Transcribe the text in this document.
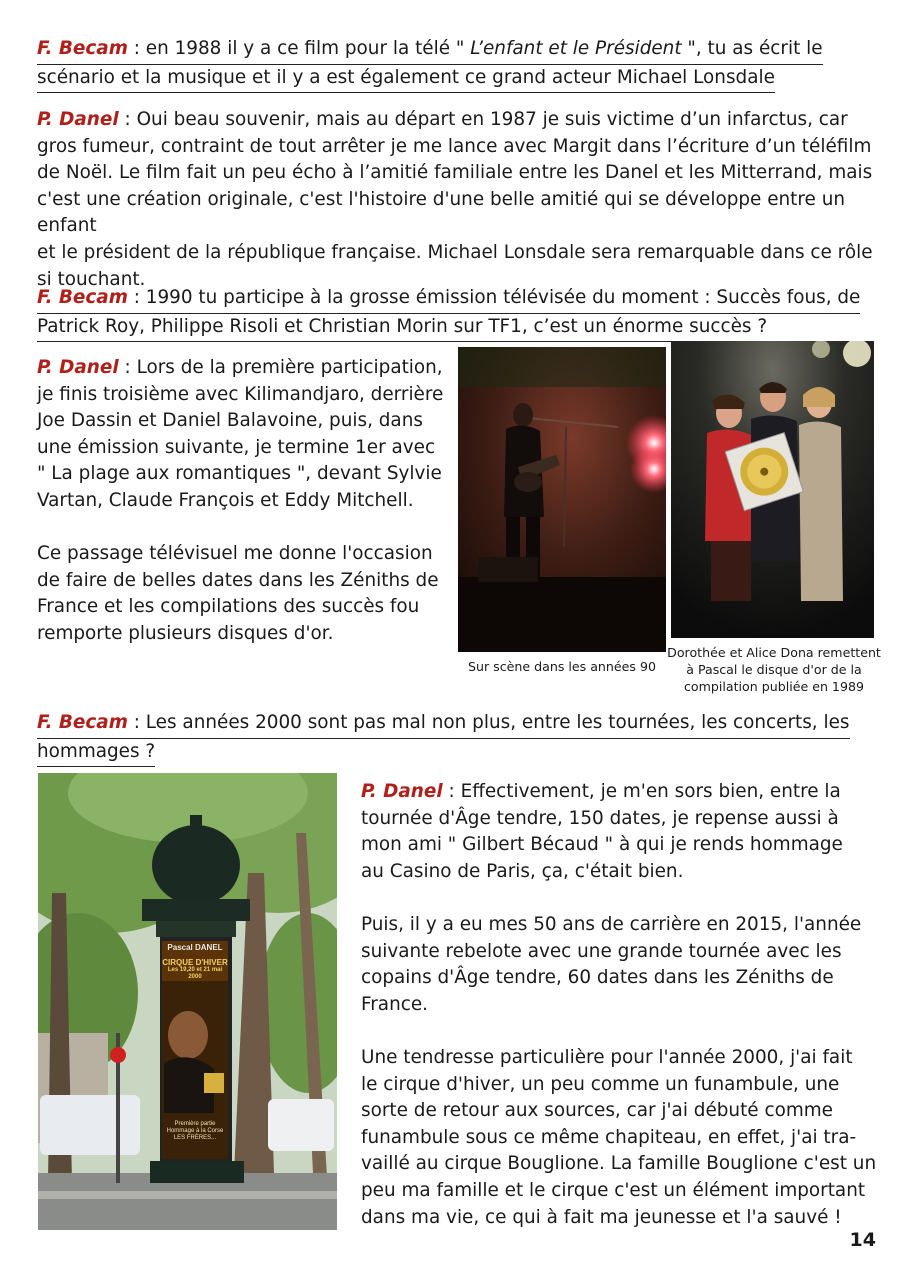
F. Becam : en 1988 il y a ce film pour la télé " L’enfant et le Président ", tu as écrit le
scénario et la musique et il y a est également ce grand acteur Michael Lonsdale
P. Danel : Oui beau souvenir, mais au départ en 1987 je suis victime d’un infarctus, car
gros fumeur, contraint de tout arrêter je me lance avec Margit dans l’écriture d’un téléfilm
de Noël. Le film fait un peu écho à l’amitié familiale entre les Danel et les Mitterrand, mais
c'est une création originale, c'est l'histoire d'une belle amitié qui se développe entre un enfant
et le président de la république française. Michael Lonsdale sera remarquable dans ce rôle
si touchant.
F. Becam : 1990 tu participe à la grosse émission télévisée du moment : Succès fous, de
Patrick Roy, Philippe Risoli et Christian Morin sur TF1, c’est un énorme succès ?
P. Danel : Lors de la première participation,
je finis troisième avec Kilimandjaro, derrière
Joe Dassin et Daniel Balavoine, puis, dans
une émission suivante, je termine 1er avec
" La plage aux romantiques ", devant Sylvie
Vartan, Claude François et Eddy Mitchell.

Ce passage télévisuel me donne l'occasion
de faire de belles dates dans les Zéniths de
France et les compilations des succès fou
remporte plusieurs disques d'or.
Sur scène dans les années 90
Dorothée et Alice Dona remettent
à Pascal le disque d'or de la
compilation publiée en 1989
F. Becam : Les années 2000 sont pas mal non plus, entre les tournées, les concerts, les
hommages ?
Pascal DANEL
CIRQUE D'HIVER
Les 19,20 et 21 mai 2000
Première partie
Hommage à la Corse
LES FRÈRES...
P. Danel : Effectivement, je m'en sors bien, entre la
tournée d'Âge tendre, 150 dates, je repense aussi à
mon ami " Gilbert Bécaud " à qui je rends hommage
au Casino de Paris, ça, c'était bien.

Puis, il y a eu mes 50 ans de carrière en 2015, l'année
suivante rebelote avec une grande tournée avec les
copains d'Âge tendre, 60 dates dans les Zéniths de
France.

Une tendresse particulière pour l'année 2000, j'ai fait
le cirque d'hiver, un peu comme un funambule, une
sorte de retour aux sources, car j'ai débuté comme
funambule sous ce même chapiteau, en effet, j'ai tra-
vaillé au cirque Bouglione. La famille Bouglione c'est un
peu ma famille et le cirque c'est un élément important
dans ma vie, ce qui à fait ma jeunesse et l'a sauvé !
14
